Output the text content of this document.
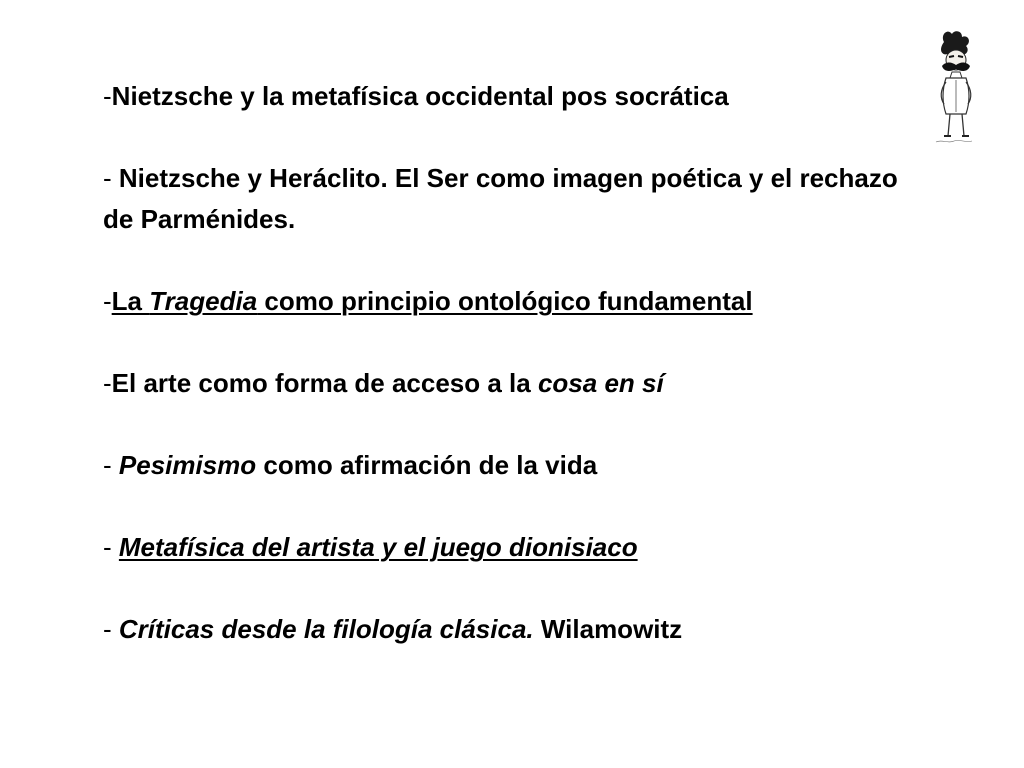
-Nietzsche y la metafísica occidental pos socrática
- Nietzsche y Heráclito. El Ser como imagen poética y el rechazo de Parménides.
-La Tragedia como principio ontológico fundamental
-El arte como forma de acceso a la cosa en sí
- Pesimismo como afirmación de la vida
- Metafísica del artista y el juego dionisiaco
- Críticas desde la filología clásica. Wilamowitz
